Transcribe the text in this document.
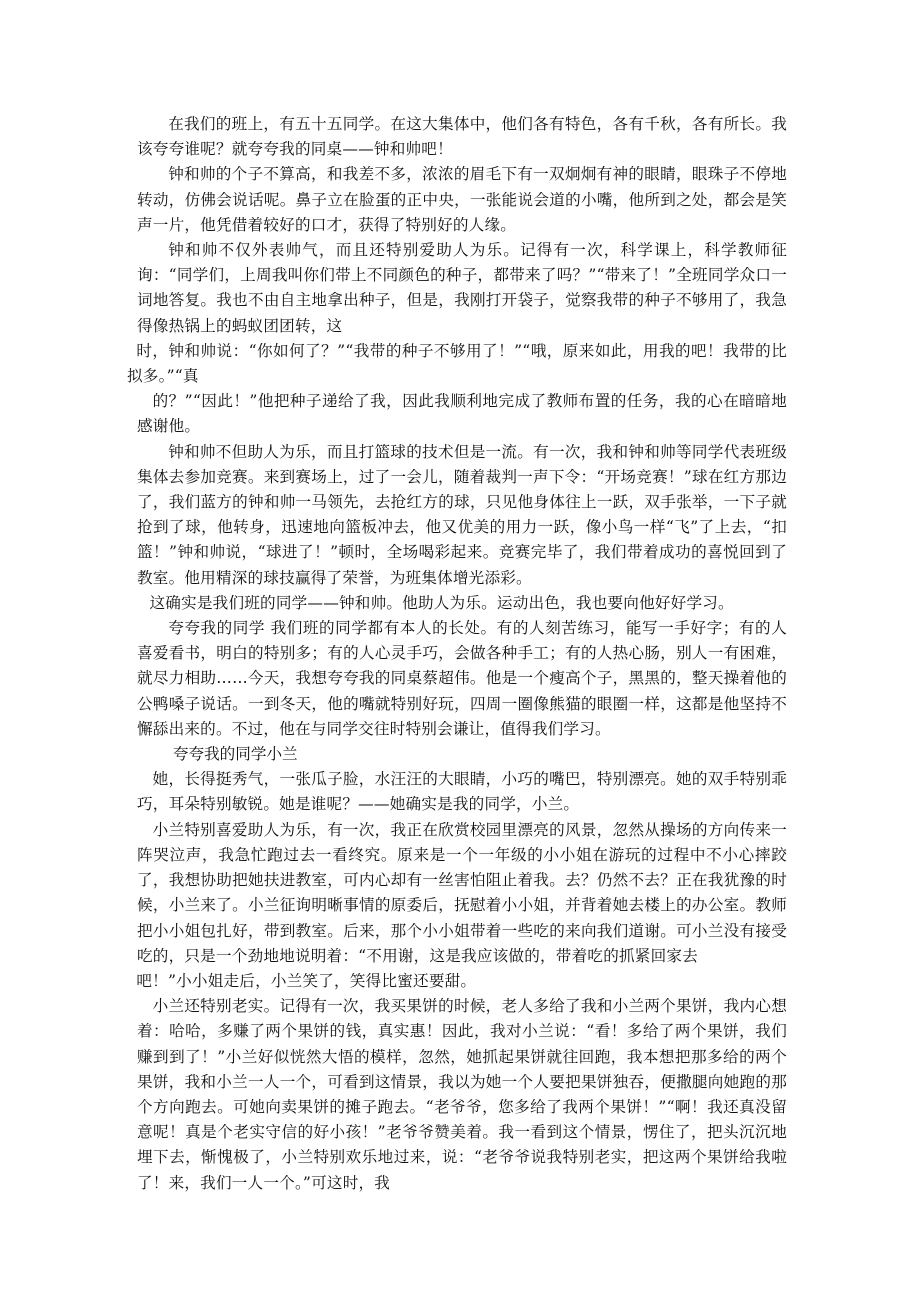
在我们的班上，有五十五同学。在这大集体中，他们各有特色，各有千秋，各有所长。我该夸夸谁呢？就夸夸我的同桌——钟和帅吧！

钟和帅的个子不算高，和我差不多，浓浓的眉毛下有一双炯炯有神的眼睛，眼珠子不停地转动，仿佛会说话呢。鼻子立在脸蛋的正中央，一张能说会道的小嘴，他所到之处，都会是笑声一片，他凭借着较好的口才，获得了特别好的人缘。

钟和帅不仅外表帅气，而且还特别爱助人为乐。记得有一次，科学课上，科学教师征询：“同学们，上周我叫你们带上不同颜色的种子，都带来了吗？”“带来了！”全班同学众口一词地答复。我也不由自主地拿出种子，但是，我刚打开袋子，觉察我带的种子不够用了，我急得像热锅上的蚂蚁团团转，这

时，钟和帅说：“你如何了？”“我带的种子不够用了！”“哦，原来如此，用我的吧！我带的比拟多。”“真

的？”“因此！”他把种子递给了我，因此我顺利地完成了教师布置的任务，我的心在暗暗地感谢他。

钟和帅不但助人为乐，而且打篮球的技术但是一流。有一次，我和钟和帅等同学代表班级集体去参加竞赛。来到赛场上，过了一会儿，随着裁判一声下令：“开场竞赛！”球在红方那边了，我们蓝方的钟和帅一马领先，去抢红方的球，只见他身体往上一跃，双手张举，一下子就抢到了球，他转身，迅速地向篮板冲去，他又优美的用力一跃，像小鸟一样“飞”了上去，“扣篮！”钟和帅说，“球进了！”顿时，全场喝彩起来。竞赛完毕了，我们带着成功的喜悦回到了教室。他用精深的球技赢得了荣誉，为班集体增光添彩。

这确实是我们班的同学——钟和帅。他助人为乐。运动出色，我也要向他好好学习。

夸夸我的同学 我们班的同学都有本人的长处。有的人刻苦练习，能写一手好字；有的人喜爱看书，明白的特别多；有的人心灵手巧，会做各种手工；有的人热心肠，别人一有困难，就尽力相助……今天，我想夸夸我的同桌蔡超伟。他是一个瘦高个子，黑黑的，整天操着他的公鸭嗓子说话。一到冬天，他的嘴就特别好玩，四周一圈像熊猫的眼圈一样，这都是他坚持不懈舔出来的。不过，他在与同学交往时特别会谦让，值得我们学习。

夸夸我的同学小兰

她，长得挺秀气，一张瓜子脸，水汪汪的大眼睛，小巧的嘴巴，特别漂亮。她的双手特别乖巧，耳朵特别敏锐。她是谁呢？——她确实是我的同学，小兰。

小兰特别喜爱助人为乐，有一次，我正在欣赏校园里漂亮的风景，忽然从操场的方向传来一阵哭泣声，我急忙跑过去一看终究。原来是一个一年级的小小姐在游玩的过程中不小心摔跤了，我想协助把她扶进教室，可内心却有一丝害怕阻止着我。去？仍然不去？正在我犹豫的时候，小兰来了。小兰征询明晰事情的原委后，抚慰着小小姐，并背着她去楼上的办公室。教师把小小姐包扎好，带到教室。后来，那个小小姐带着一些吃的来向我们道谢。可小兰没有接受吃的，只是一个劲地地说明着：“不用谢，这是我应该做的，带着吃的抓紧回家去

吧！”小小姐走后，小兰笑了，笑得比蜜还要甜。

小兰还特别老实。记得有一次，我买果饼的时候，老人多给了我和小兰两个果饼，我内心想着：哈哈，多赚了两个果饼的钱，真实惠！因此，我对小兰说：“看！多给了两个果饼，我们赚到到了！”小兰好似恍然大悟的模样，忽然，她抓起果饼就往回跑，我本想把那多给的两个果饼，我和小兰一人一个，可看到这情景，我以为她一个人要把果饼独吞，便撒腿向她跑的那个方向跑去。可她向卖果饼的摊子跑去。“老爷爷，您多给了我两个果饼！”“啊！我还真没留意呢！真是个老实守信的好小孩！”老爷爷赞美着。我一看到这个情景，愣住了，把头沉沉地埋下去，惭愧极了，小兰特别欢乐地过来，说：“老爷爷说我特别老实，把这两个果饼给我啦了！来，我们一人一个。”可这时，我
